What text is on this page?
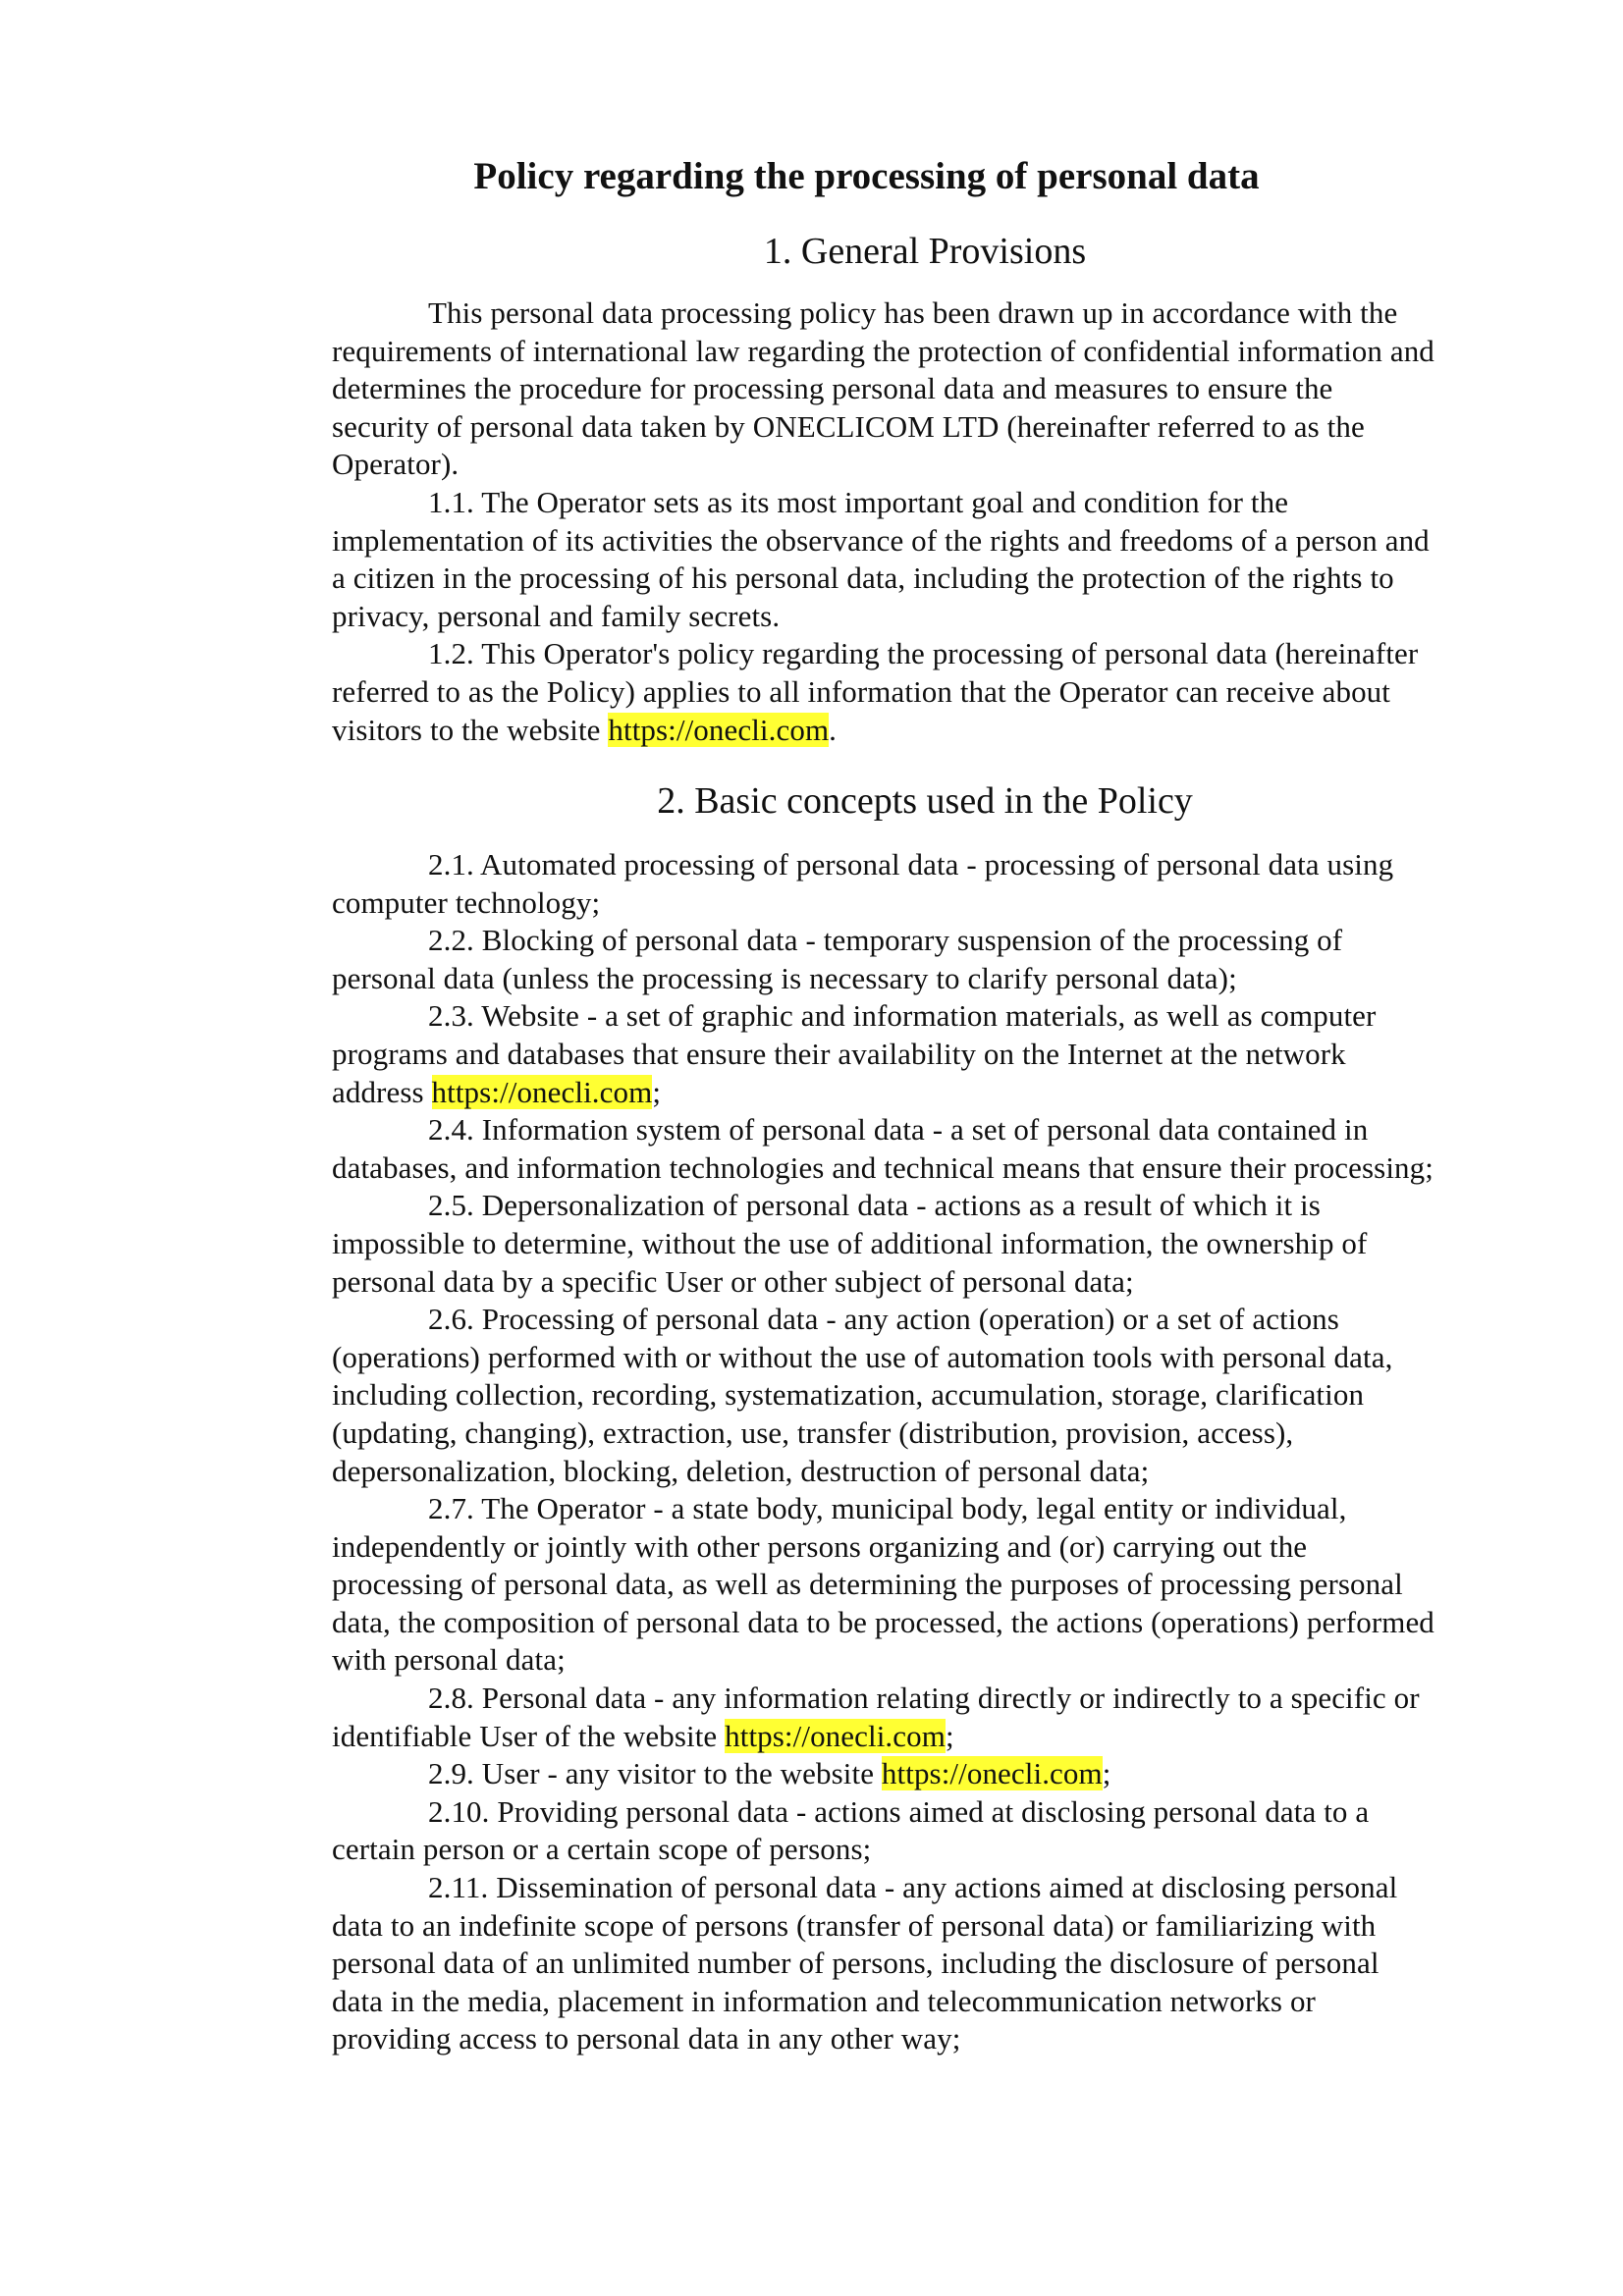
Policy regarding the processing of personal data
1. General Provisions

This personal data processing policy has been drawn up in accordance with the
requirements of international law regarding the protection of confidential information and
determines the procedure for processing personal data and measures to ensure the
security of personal data taken by ONECLICOM LTD (hereinafter referred to as the
Operator).

1.1. The Operator sets as its most important goal and condition for the
implementation of its activities the observance of the rights and freedoms of a person and
a citizen in the processing of his personal data, including the protection of the rights to
privacy, personal and family secrets.

1.2. This Operator's policy regarding the processing of personal data (hereinafter
referred to as the Policy) applies to all information that the Operator can receive about
visitors to the website https://onecli.com.

2. Basic concepts used in the Policy

2.1. Automated processing of personal data - processing of personal data using
computer technology;

2.2. Blocking of personal data - temporary suspension of the processing of
personal data (unless the processing is necessary to clarify personal data);

2.3. Website - a set of graphic and information materials, as well as computer
programs and databases that ensure their availability on the Internet at the network
address https://onecli.com;

2.4. Information system of personal data - a set of personal data contained in
databases, and information technologies and technical means that ensure their processing;

2.5. Depersonalization of personal data - actions as a result of which it is
impossible to determine, without the use of additional information, the ownership of
personal data by a specific User or other subject of personal data;

2.6. Processing of personal data - any action (operation) or a set of actions
(operations) performed with or without the use of automation tools with personal data,
including collection, recording, systematization, accumulation, storage, clarification
(updating, changing), extraction, use, transfer (distribution, provision, access),
depersonalization, blocking, deletion, destruction of personal data;

2.7. The Operator - a state body, municipal body, legal entity or individual,
independently or jointly with other persons organizing and (or) carrying out the
processing of personal data, as well as determining the purposes of processing personal
data, the composition of personal data to be processed, the actions (operations) performed
with personal data;

2.8. Personal data - any information relating directly or indirectly to a specific or
identifiable User of the website https://onecli.com;

2.9. User - any visitor to the website https://onecli.com;

2.10. Providing personal data - actions aimed at disclosing personal data to a
certain person or a certain scope of persons;

2.11. Dissemination of personal data - any actions aimed at disclosing personal
data to an indefinite scope of persons (transfer of personal data) or familiarizing with
personal data of an unlimited number of persons, including the disclosure of personal
data in the media, placement in information and telecommunication networks or
providing access to personal data in any other way;
